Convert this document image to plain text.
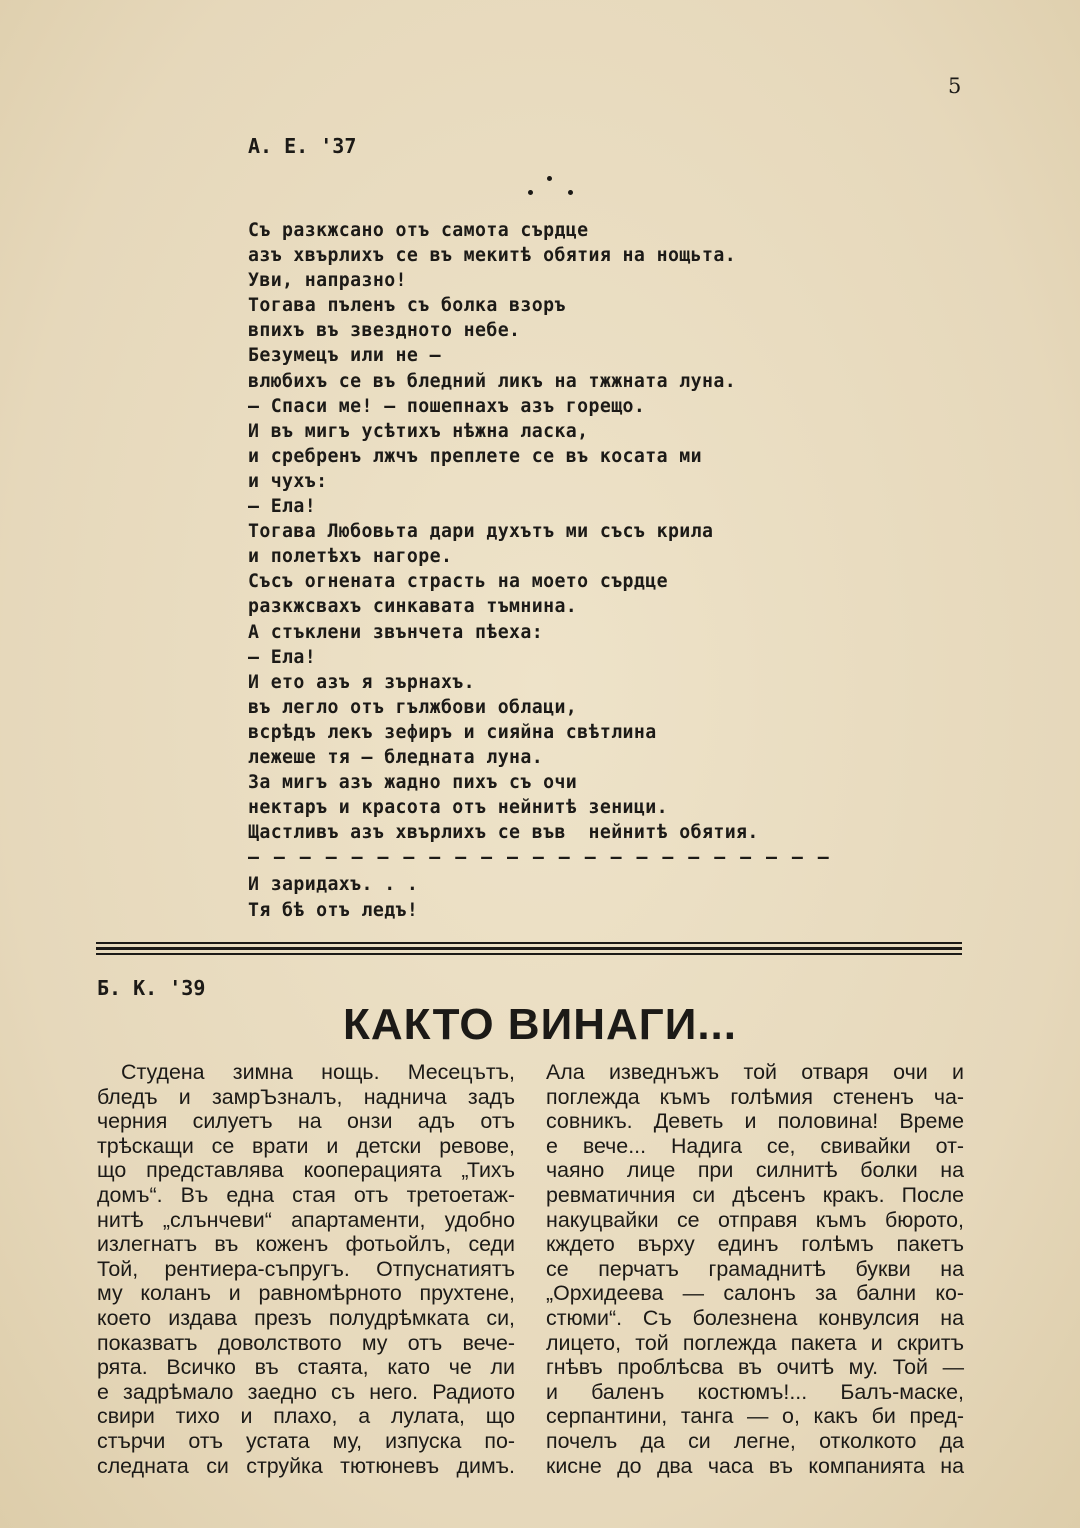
5
А. Е. '37
Съ разкжсано отъ самота сърдце
азъ хвърлихъ се въ мекитѣ обятия на нощьта.
Уви, напразно!
Тогава пъленъ съ болка взоръ
впихъ въ звездното небе.
Безумецъ или не —
влюбихъ се въ бледний ликъ на тжжната луна.
— Спаси ме! — пошепнахъ азъ горещо.
И въ мигъ усѣтихъ нѣжна ласка,
и сребренъ лжчъ преплете се въ косата ми
и чухъ:
— Ела!
Тогава Любовьта дари духътъ ми съсъ крила
и полетѣхъ нагоре.
Съсъ огнената страсть на моето сърдце
разкжсвахъ синкавата тъмнина.
А стъклени звънчета пѣеха:
— Ела!
И ето азъ я зърнахъ.
въ легло отъ гължбови облаци,
всрѣдъ лекъ зефиръ и сияйна свѣтлина
лежеше тя — бледната луна.
За мигъ азъ жадно пихъ съ очи
нектаръ и красота отъ нейнитѣ зеници.
Щастливъ азъ хвърлихъ се във  нейнитѣ обятия.
— — — — — — — — — — — — — — — — — — — — — — —
И заридахъ. . .
Тя бѣ отъ ледъ!
Б. К. '39
КАКТО ВИНАГИ...
Студена зимна нощь. Месецътъ,
бледъ и замрЪзналъ, надничa задъ
черния силуетъ на онзи адъ отъ
трѣскащи се врати и детски ревове,
що представлява кооперацията „Тихъ
домъ“. Въ една стая отъ третоетаж-
нитѣ „слънчеви“ апартаменти, удобно
излегнатъ въ коженъ фотьойлъ, седи
Той, рентиера-съпругъ. Отпуснатиятъ
му коланъ и равномѣрното прухтене,
което издава презъ полудрѣмката си,
показватъ доволството му отъ вече-
рята. Всичко въ стаята, като че ли
е задрѣмало заедно съ него. Радиото
свири тихо и плахо, а лулата, що
стърчи отъ устата му, изпуска по-
следната си струйка тютюневъ димъ.
Ала изведнъжъ той отваря очи и
поглежда къмъ голѣмия стененъ ча-
совникъ. Деветь и половина! Време
е вече... Надига се, свивайки от-
чаяно лице при силнитѣ болки на
ревматичния си дѣсенъ кракъ. После
накуцвайки се отправя къмъ бюрото,
кждето върху единъ голѣмъ пакетъ
се перчатъ грамаднитѣ букви на
„Орхидеева — салонъ за бални ко-
стюми“. Съ болезнена конвулсия на
лицето, той поглежда пакета и скритъ
гнѣвъ проблѣсва въ очитѣ му. Той —
и баленъ костюмъ!... Балъ-маске,
серпантини, танга — о, какъ би пред-
почелъ да си легне, отколкото да
кисне до два часа въ компанията на
